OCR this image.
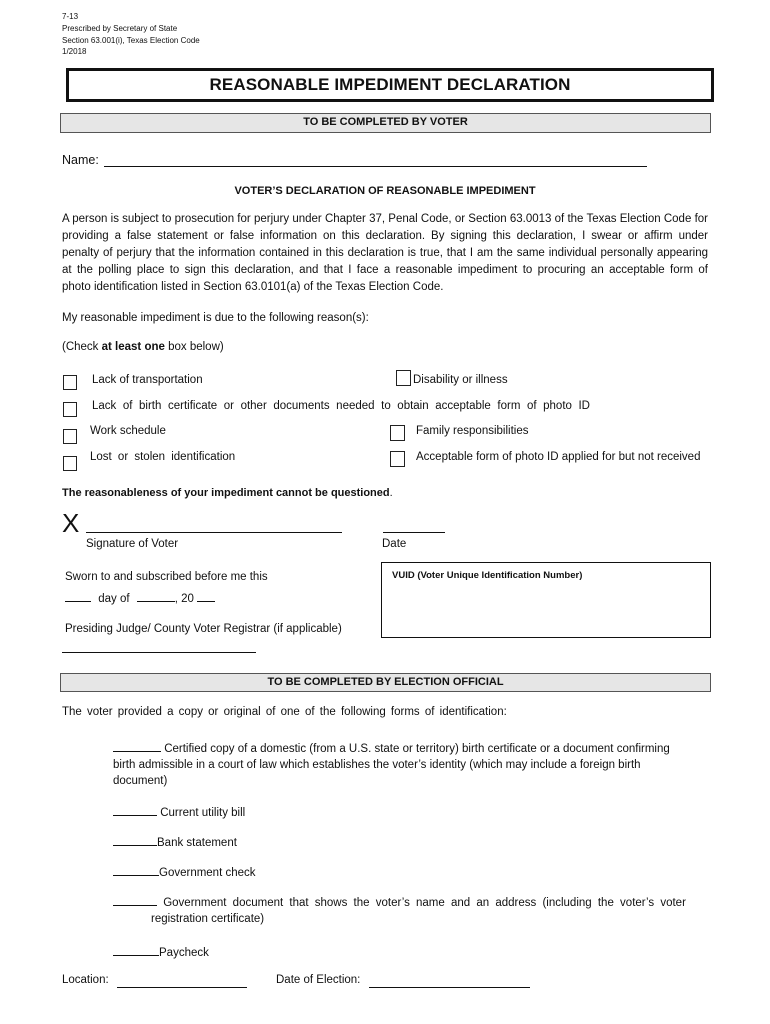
7-13
Prescribed by Secretary of State
Section 63.001(i), Texas Election Code
1/2018
REASONABLE IMPEDIMENT DECLARATION
TO BE COMPLETED BY VOTER
Name:
VOTER’S DECLARATION OF REASONABLE IMPEDIMENT
A person is subject to prosecution for perjury under Chapter 37, Penal Code, or Section 63.0013 of the Texas Election Code for
providing a false statement or false information on this declaration. By signing this declaration, I swear or affirm under
penalty of perjury that the information contained in this declaration is true, that I am the same individual personally appearing
at the polling place to sign this declaration, and that I face a reasonable impediment to procuring an acceptable form of
photo identification listed in Section 63.0101(a) of the Texas Election Code.
My reasonable impediment is due to the following reason(s):
(Check at least one box below)
Lack of transportation	Disability or illness
Lack of birth certificate or other documents needed to obtain acceptable form of photo ID
Work schedule	Family responsibilities
Lost or stolen identification	Acceptable form of photo ID applied for but not received
The reasonableness of your impediment cannot be questioned.
X
Signature of Voter	Date
Sworn to and subscribed before me this
day of	, 20
VUID (Voter Unique Identification Number)
Presiding Judge/ County Voter Registrar (if applicable)
TO BE COMPLETED BY ELECTION OFFICIAL
The voter provided a copy or original of one of the following forms of identification:
Certified copy of a domestic (from a U.S. state or territory) birth certificate or a document confirming
birth admissible in a court of law which establishes the voter’s identity (which may include a foreign birth
document)
Current utility bill
Bank statement
Government check
Government document that shows the voter’s name and an address (including the voter’s voter
registration certificate)
Paycheck
Location:	Date of Election:
